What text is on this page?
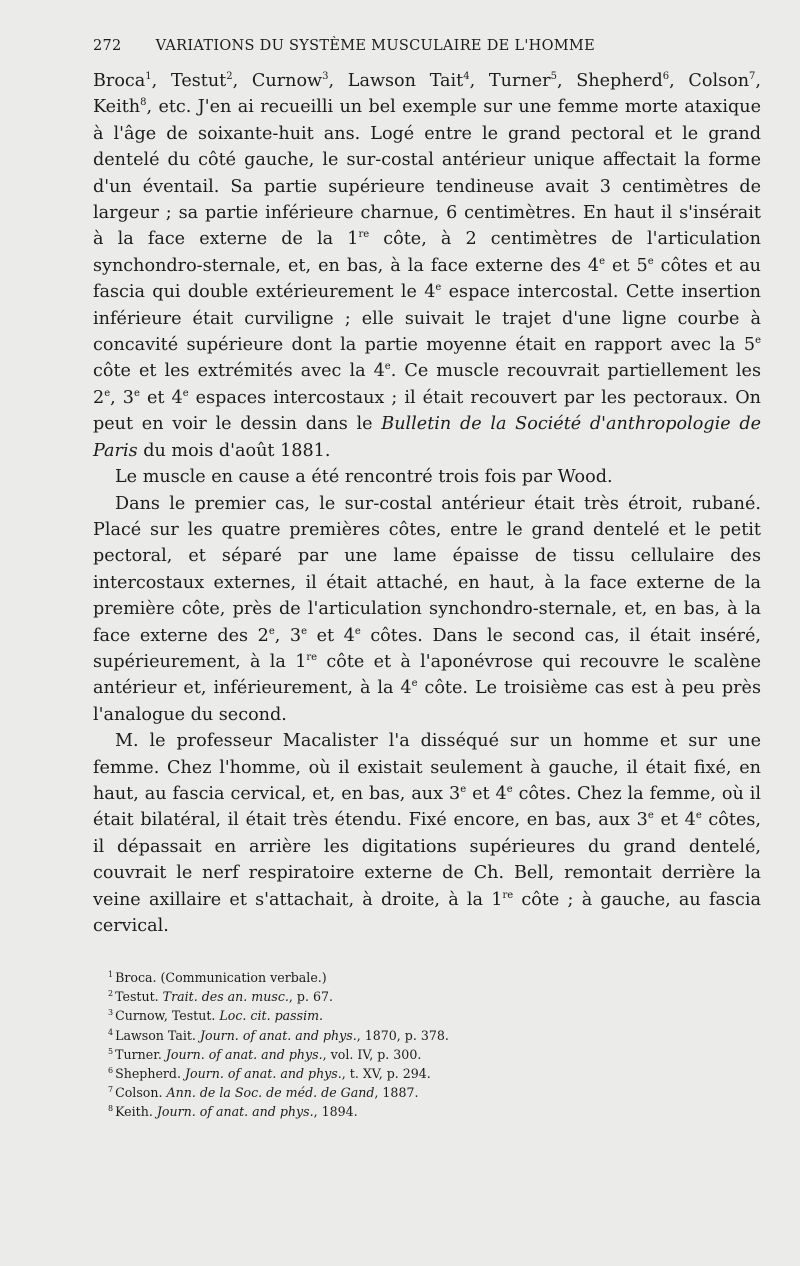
272 VARIATIONS DU SYSTÈME MUSCULAIRE DE L'HOMME

Broca$^1$, Testut$^2$, Curnow$^3$, Lawson Tait$^4$, Turner$^5$, Shepherd$^6$, Colson$^7$, Keith$^8$, etc. J'en ai recueilli un bel exemple sur une femme morte ataxique à l'âge de soixante-huit ans. Logé entre le grand pectoral et le grand dentelé du côté gauche, le sur-costal antérieur unique affectait la forme d'un éventail. Sa partie supérieure tendineuse avait 3 centimètres de largeur ; sa partie inférieure charnue, 6 centimètres. En haut il s'insérait à la face externe de la 1re côte, à 2 centimètres de l'articulation synchondro-sternale, et, en bas, à la face externe des 4e et 5e côtes et au fascia qui double extérieurement le 4e espace intercostal. Cette insertion inférieure était curviligne ; elle suivait le trajet d'une ligne courbe à concavité supérieure dont la partie moyenne était en rapport avec la 5e côte et les extrémités avec la 4e. Ce muscle recouvrait partiellement les 2e, 3e et 4e espaces intercostaux ; il était recouvert par les pectoraux. On peut en voir le dessin dans le Bulletin de la Société d'anthropologie de Paris du mois d'août 1881.

Le muscle en cause a été rencontré trois fois par Wood.

Dans le premier cas, le sur-costal antérieur était très étroit, rubané. Placé sur les quatre premières côtes, entre le grand dentelé et le petit pectoral, et séparé par une lame épaisse de tissu cellulaire des intercostaux externes, il était attaché, en haut, à la face externe de la première côte, près de l'articulation synchondro-sternale, et, en bas, à la face externe des 2e, 3e et 4e côtes. Dans le second cas, il était inséré, supérieurement, à la 1re côte et à l'aponévrose qui recouvre le scalène antérieur et, inférieurement, à la 4e côte. Le troisième cas est à peu près l'analogue du second.

M. le professeur Macalister l'a disséqué sur un homme et sur une femme. Chez l'homme, où il existait seulement à gauche, il était fixé, en haut, au fascia cervical, et, en bas, aux 3e et 4e côtes. Chez la femme, où il était bilatéral, il était très étendu. Fixé encore, en bas, aux 3e et 4e côtes, il dépassait en arrière les digitations supérieures du grand dentelé, couvrait le nerf respiratoire externe de Ch. Bell, remontait derrière la veine axillaire et s'attachait, à droite, à la 1re côte ; à gauche, au fascia cervical.

$^1$ Broca. (Communication verbale.)
$^2$ Testut. Trait. des an. musc., p. 67.
$^3$ Curnow, Testut. Loc. cit. passim.
$^4$ Lawson Tait. Journ. of anat. and phys., 1870, p. 378.
$^5$ Turner. Journ. of anat. and phys., vol. IV, p. 300.
$^6$ Shepherd. Journ. of anat. and phys., t. XV, p. 294.
$^7$ Colson. Ann. de la Soc. de méd. de Gand, 1887.
$^8$ Keith. Journ. of anat. and phys., 1894.
